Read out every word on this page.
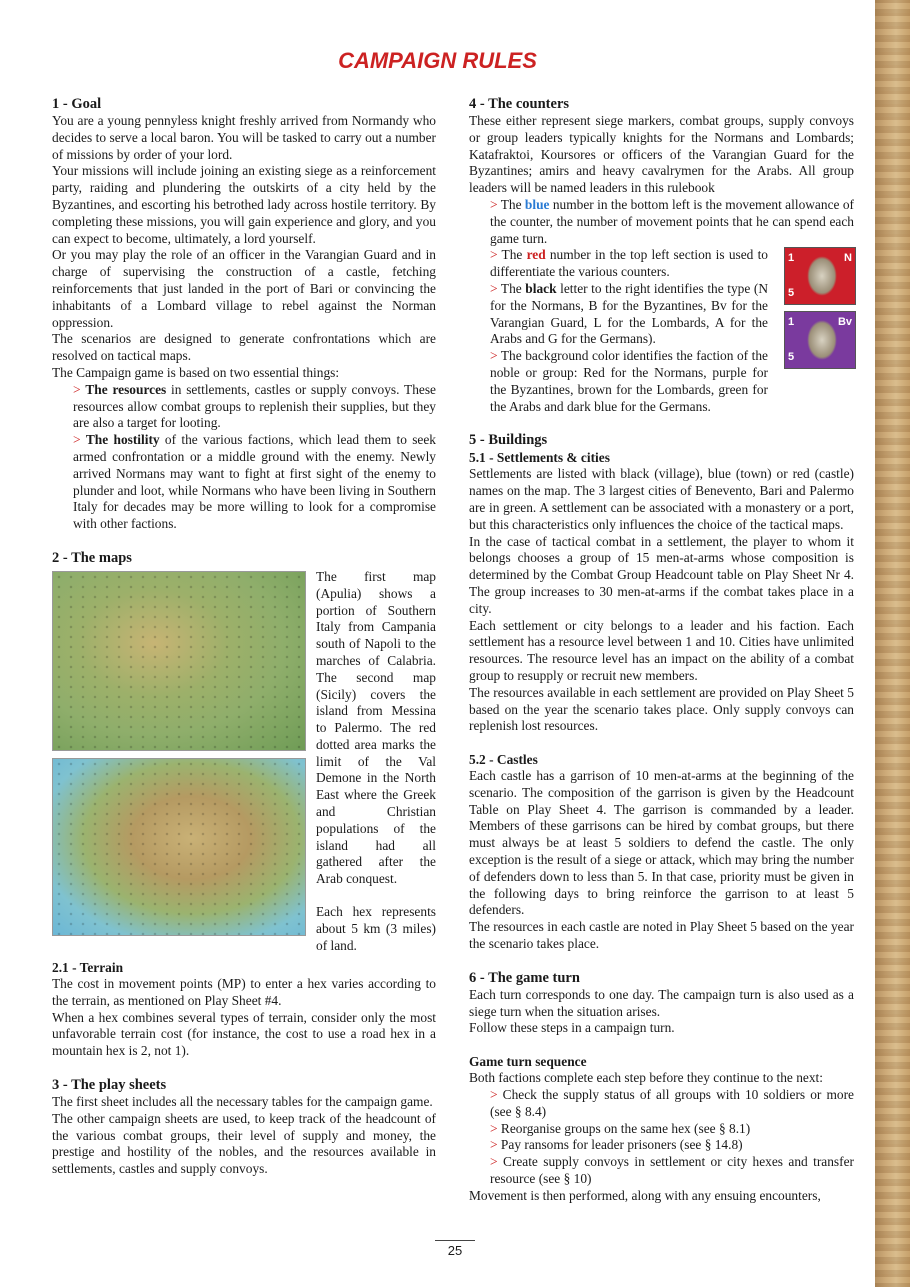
CAMPAIGN RULES
1 - Goal

You are a young pennyless knight freshly arrived from Normandy who decides to serve a local baron. You will be tasked to carry out a number of missions by order of your lord.

Your missions will include joining an existing siege as a reinforcement party, raiding and plundering the outskirts of a city held by the Byzantines, and escorting his betrothed lady across hostile territory. By completing these missions, you will gain experience and glory, and you can expect to become, ultimately, a lord yourself.

Or you may play the role of an officer in the Varangian Guard and in charge of supervising the construction of a castle, fetching reinforcements that just landed in the port of Bari or convincing the inhabitants of a Lombard village to rebel against the Norman oppression.

The scenarios are designed to generate confrontations which are resolved on tactical maps.

The Campaign game is based on two essential things:

> The resources in settlements, castles or supply convoys. These resources allow combat groups to replenish their supplies, but they are also a target for looting.

> The hostility of the various factions, which lead them to seek armed confrontation or a middle ground with the enemy. Newly arrived Normans may want to fight at first sight of the enemy to plunder and loot, while Normans who have been living in Southern Italy for decades may be more willing to look for a compromise with other factions.

2 - The maps

The first map (Apulia) shows a portion of Southern Italy from Campania south of Napoli to the marches of Calabria. The second map (Sicily) covers the island from Messina to Palermo. The red dotted area marks the limit of the Val Demone in the North East where the Greek and Christian populations of the island had all gathered after the Arab conquest.

Each hex represents about 5 km (3 miles) of land.

2.1 - Terrain

The cost in movement points (MP) to enter a hex varies according to the terrain, as mentioned on Play Sheet #4.

When a hex combines several types of terrain, consider only the most unfavorable terrain cost (for instance, the cost to use a road hex in a mountain hex is 2, not 1).

3 - The play sheets

The first sheet includes all the necessary tables for the campaign game.

The other campaign sheets are used, to keep track of the headcount of the various combat groups, their level of supply and money, the prestige and hostility of the nobles, and the resources available in settlements, castles and supply convoys.

4 - The counters

These either represent siege markers, combat groups, supply convoys or group leaders typically knights for the Normans and Lombards; Katafraktoi, Koursores or officers of the Varangian Guard for the Byzantines; amirs and heavy cavalrymen for the Arabs. All group leaders will be named leaders in this rulebook

> The blue number in the bottom left is the movement allowance of the counter, the number of movement points that he can spend each game turn.

1	N
5
1	Bv
5

> The red number in the top left section is used to differentiate the various counters.

> The black letter to the right identifies the type (N for the Normans, B for the Byzantines, Bv for the Varangian Guard, L for the Lombards, A for the Arabs and G for the Germans).

> The background color identifies the faction of the noble or group: Red for the Normans, purple for the Byzantines, brown for the Lombards, green for the Arabs and dark blue for the Germans.

5 - Buildings
5.1 - Settlements & cities

Settlements are listed with black (village), blue (town) or red (castle) names on the map. The 3 largest cities of Benevento, Bari and Palermo are in green. A settlement can be associated with a monastery or a port, but this characteristics only influences the choice of the tactical maps.

In the case of tactical combat in a settlement, the player to whom it belongs chooses a group of 15 men-at-arms whose composition is determined by the Combat Group Headcount table on Play Sheet Nr 4. The group increases to 30 men-at-arms if the combat takes place in a city.

Each settlement or city belongs to a leader and his faction. Each settlement has a resource level between 1 and 10. Cities have unlimited resources. The resource level has an impact on the ability of a combat group to resupply or recruit new members.

The resources available in each settlement are provided on Play Sheet 5 based on the year the scenario takes place. Only supply convoys can replenish lost resources.

5.2 - Castles

Each castle has a garrison of 10 men-at-arms at the beginning of the scenario. The composition of the garrison is given by the Headcount Table on Play Sheet 4. The garrison is commanded by a leader. Members of these garrisons can be hired by combat groups, but there must always be at least 5 soldiers to defend the castle. The only exception is the result of a siege or attack, which may bring the number of defenders down to less than 5. In that case, priority must be given in the following days to bring reinforce the garrison to at least 5 defenders.

The resources in each castle are noted in Play Sheet 5 based on the year the scenario takes place.

6 - The game turn

Each turn corresponds to one day. The campaign turn is also used as a siege turn when the situation arises.

Follow these steps in a campaign turn.

Game turn sequence

Both factions complete each step before they continue to the next:

> Check the supply status of all groups with 10 soldiers or more (see § 8.4)

> Reorganise groups on the same hex (see § 8.1)

> Pay ransoms for leader prisoners (see § 14.8)

> Create supply convoys in settlement or city hexes and transfer resource (see § 10)

Movement is then performed, along with any ensuing encounters,

25
